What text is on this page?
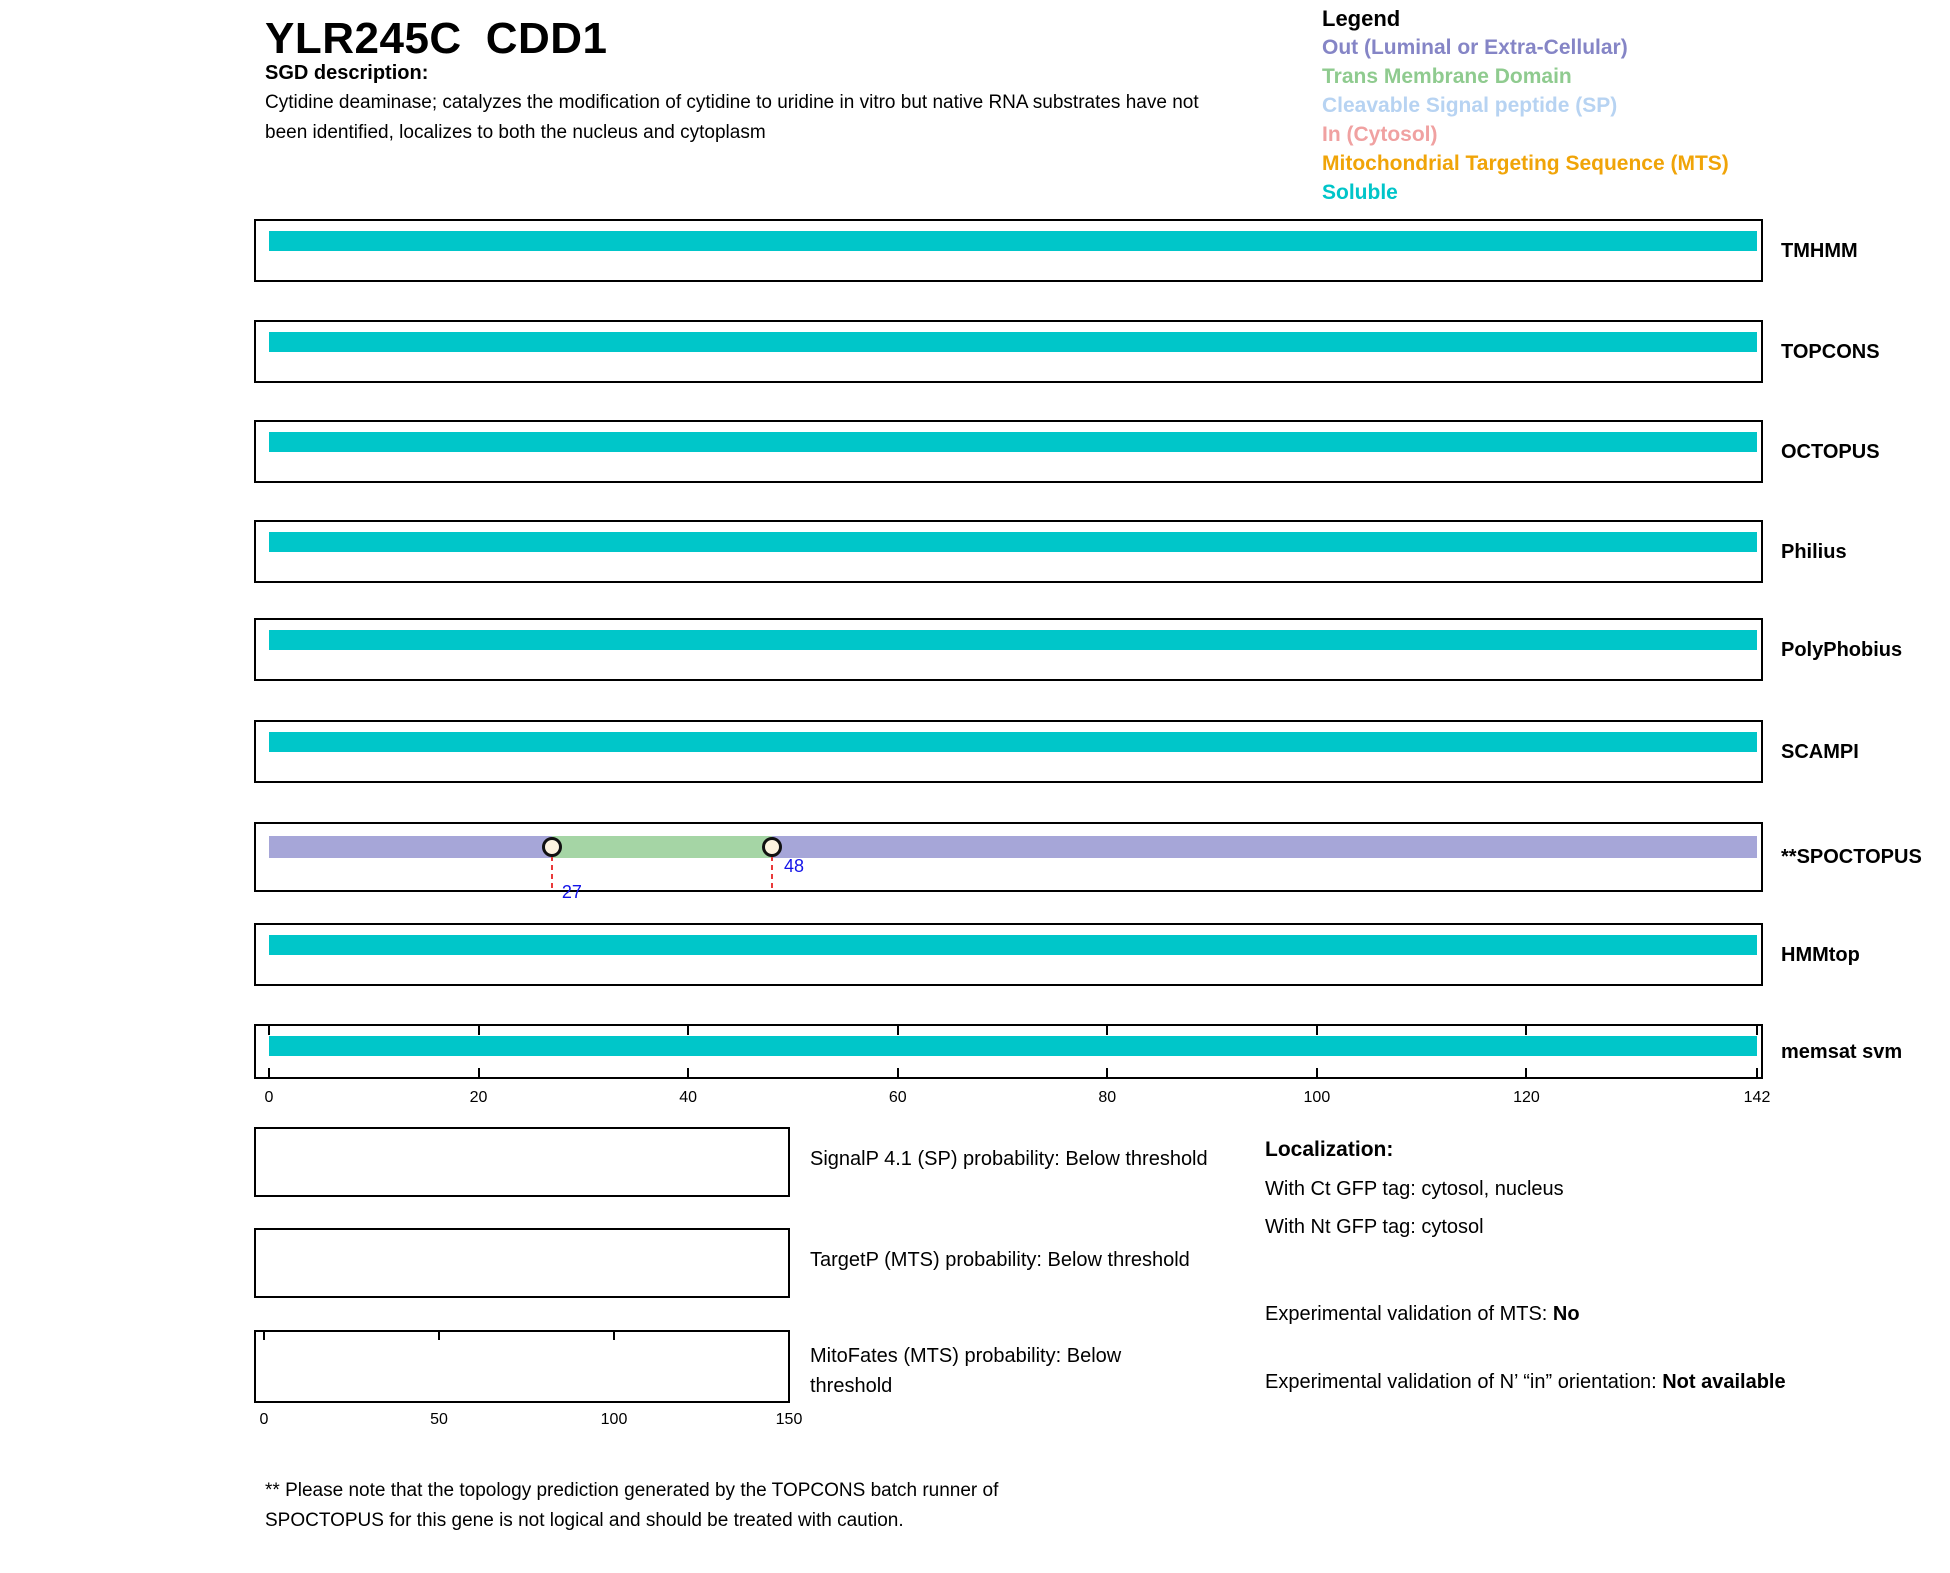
YLR245C CDD1
SGD description:
Cytidine deaminase; catalyzes the modification of cytidine to uridine in vitro but native RNA substrates have not been identified, localizes to both the nucleus and cytoplasm
Legend
Out (Luminal or Extra-Cellular)
Trans Membrane Domain
Cleavable Signal peptide (SP)
In (Cytosol)
Mitochondrial Targeting Sequence (MTS)
Soluble
SignalP 4.1 (SP) probability: Below threshold
TargetP (MTS) probability: Below threshold
MitoFates (MTS) probability: Below threshold
Localization:
With Ct GFP tag: cytosol, nucleus
With Nt GFP tag: cytosol
Experimental validation of MTS: No
Experimental validation of N’ “in” orientation: Not available
** Please note that the topology prediction generated by the TOPCONS batch runner of
SPOCTOPUS for this gene is not logical and should be treated with caution.
TMHMM
TOPCONS
OCTOPUS
Philius
PolyPhobius
SCAMPI
27
48	**SPOCTOPUS
HMMtop
0	20	40	60	80	100	120	142
memsat svm
0	50	100	150
